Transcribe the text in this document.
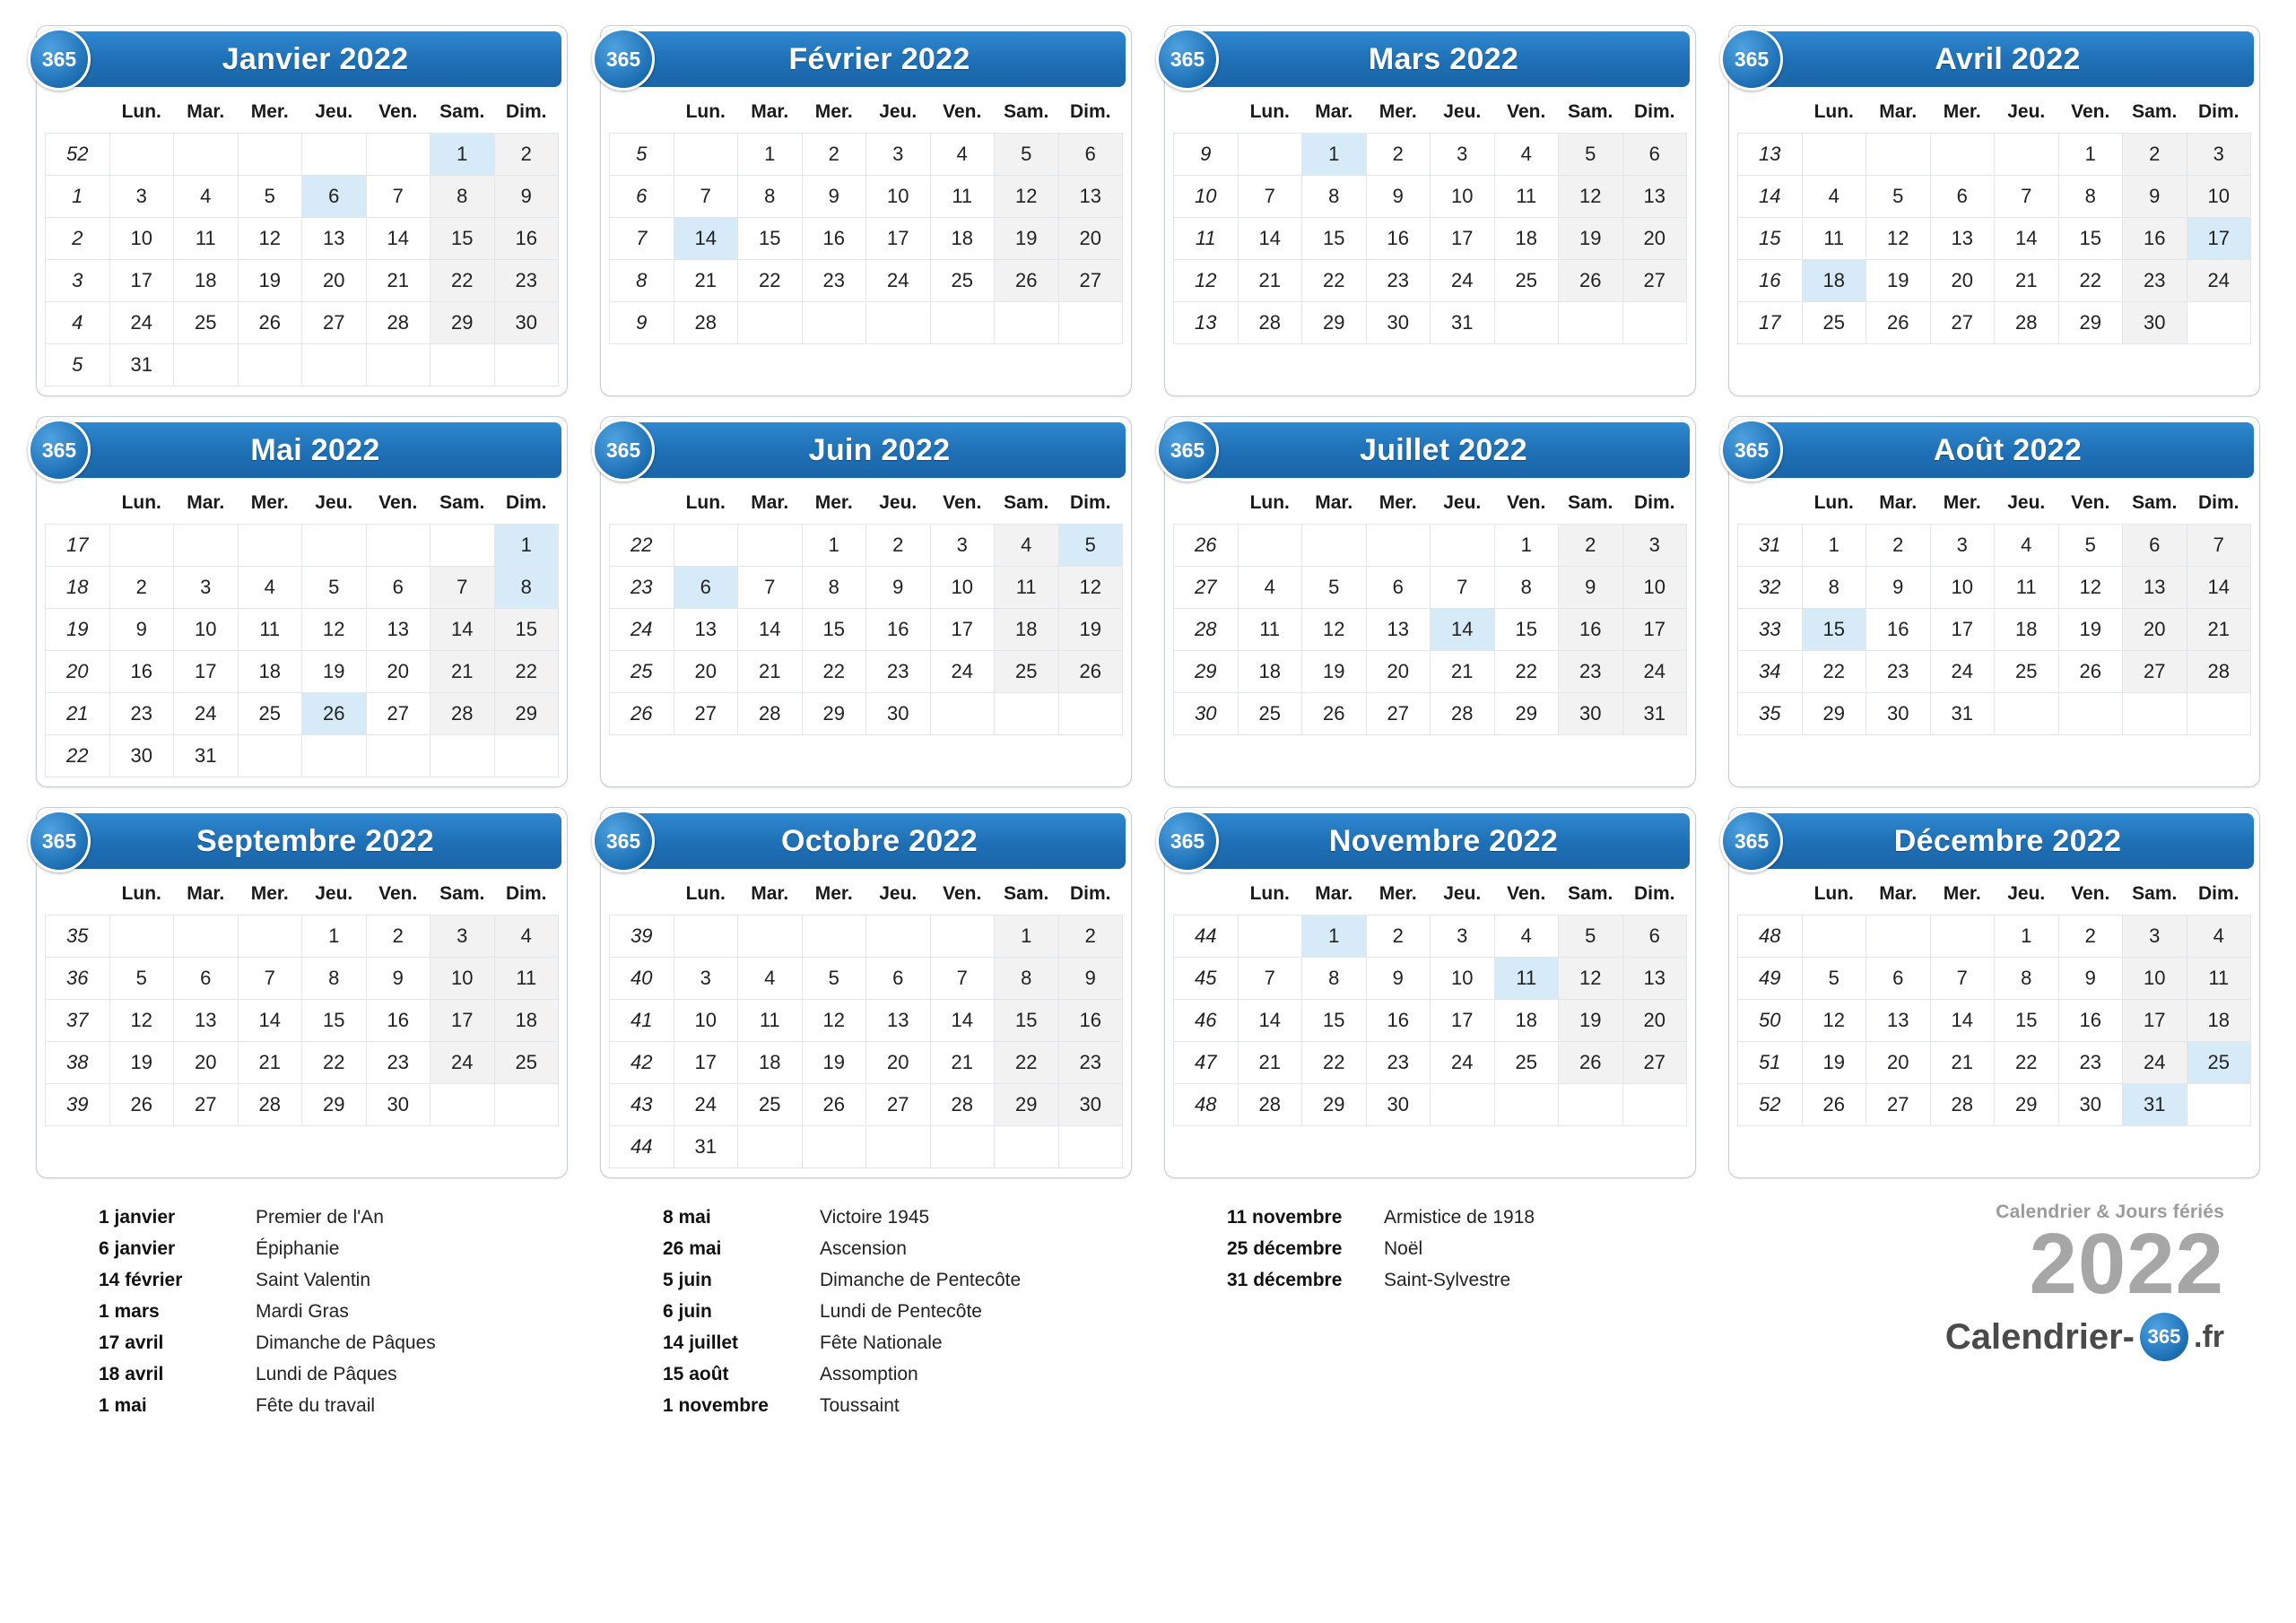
365	Janvier 2022
	Lun.	Mar.	Mer.	Jeu.	Ven.	Sam.	Dim.
52						1	2
1	3	4	5	6	7	8	9
2	10	11	12	13	14	15	16
3	17	18	19	20	21	22	23
4	24	25	26	27	28	29	30
5	31						
365	Février 2022
	Lun.	Mar.	Mer.	Jeu.	Ven.	Sam.	Dim.
5		1	2	3	4	5	6
6	7	8	9	10	11	12	13
7	14	15	16	17	18	19	20
8	21	22	23	24	25	26	27
9	28						
365	Mars 2022
	Lun.	Mar.	Mer.	Jeu.	Ven.	Sam.	Dim.
9		1	2	3	4	5	6
10	7	8	9	10	11	12	13
11	14	15	16	17	18	19	20
12	21	22	23	24	25	26	27
13	28	29	30	31			
365	Avril 2022
	Lun.	Mar.	Mer.	Jeu.	Ven.	Sam.	Dim.
13					1	2	3
14	4	5	6	7	8	9	10
15	11	12	13	14	15	16	17
16	18	19	20	21	22	23	24
17	25	26	27	28	29	30	
365	Mai 2022
	Lun.	Mar.	Mer.	Jeu.	Ven.	Sam.	Dim.
17							1
18	2	3	4	5	6	7	8
19	9	10	11	12	13	14	15
20	16	17	18	19	20	21	22
21	23	24	25	26	27	28	29
22	30	31					
365	Juin 2022
	Lun.	Mar.	Mer.	Jeu.	Ven.	Sam.	Dim.
22			1	2	3	4	5
23	6	7	8	9	10	11	12
24	13	14	15	16	17	18	19
25	20	21	22	23	24	25	26
26	27	28	29	30			
365	Juillet 2022
	Lun.	Mar.	Mer.	Jeu.	Ven.	Sam.	Dim.
26					1	2	3
27	4	5	6	7	8	9	10
28	11	12	13	14	15	16	17
29	18	19	20	21	22	23	24
30	25	26	27	28	29	30	31
365	Août 2022
	Lun.	Mar.	Mer.	Jeu.	Ven.	Sam.	Dim.
31	1	2	3	4	5	6	7
32	8	9	10	11	12	13	14
33	15	16	17	18	19	20	21
34	22	23	24	25	26	27	28
35	29	30	31				
365	Septembre 2022
	Lun.	Mar.	Mer.	Jeu.	Ven.	Sam.	Dim.
35				1	2	3	4
36	5	6	7	8	9	10	11
37	12	13	14	15	16	17	18
38	19	20	21	22	23	24	25
39	26	27	28	29	30		
365	Octobre 2022
	Lun.	Mar.	Mer.	Jeu.	Ven.	Sam.	Dim.
39						1	2
40	3	4	5	6	7	8	9
41	10	11	12	13	14	15	16
42	17	18	19	20	21	22	23
43	24	25	26	27	28	29	30
44	31						
365	Novembre 2022
	Lun.	Mar.	Mer.	Jeu.	Ven.	Sam.	Dim.
44		1	2	3	4	5	6
45	7	8	9	10	11	12	13
46	14	15	16	17	18	19	20
47	21	22	23	24	25	26	27
48	28	29	30				
365	Décembre 2022
	Lun.	Mar.	Mer.	Jeu.	Ven.	Sam.	Dim.
48				1	2	3	4
49	5	6	7	8	9	10	11
50	12	13	14	15	16	17	18
51	19	20	21	22	23	24	25
52	26	27	28	29	30	31	
1 janvier	Premier de l'An
6 janvier	Épiphanie
14 février	Saint Valentin
1 mars	Mardi Gras
17 avril	Dimanche de Pâques
18 avril	Lundi de Pâques
1 mai	Fête du travail
8 mai	Victoire 1945
26 mai	Ascension
5 juin	Dimanche de Pentecôte
6 juin	Lundi de Pentecôte
14 juillet	Fête Nationale
15 août	Assomption
1 novembre	Toussaint
11 novembre	Armistice de 1918
25 décembre	Noël
31 décembre	Saint-Sylvestre
Calendrier & Jours fériés
2022
Calendrier- 365 .fr
